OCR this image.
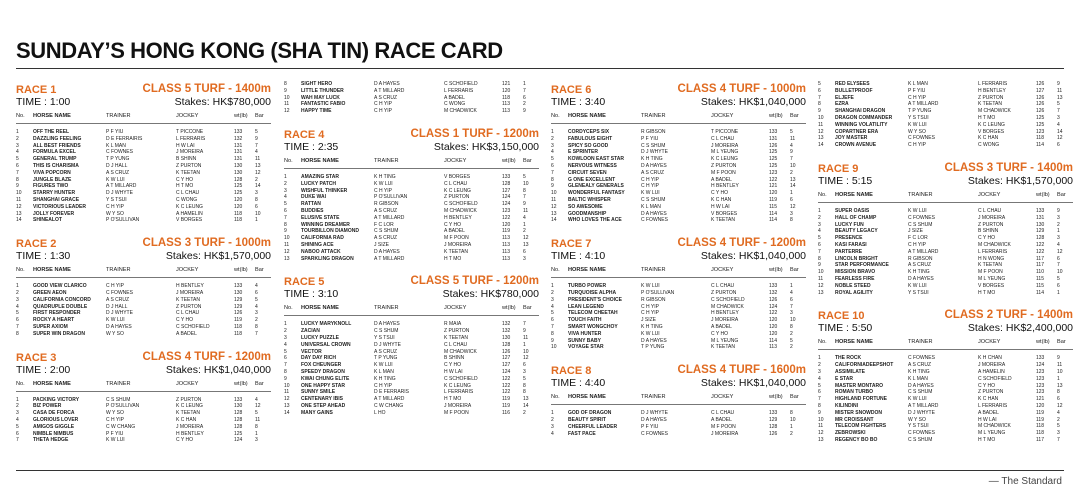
SUNDAY’S HONG KONG (SHA TIN) RACE CARD
RACE 1	CLASS 5 TURF - 1400m
TIME : 1:00	Stakes: HK$780,000
No. HORSE NAME	TRAINER	JOCKEY	wt(lb) Bar
1	OFF THE REEL	P F YIU	T PICCONE	133	5
2	DAZZLING FEELING	D E FERRAIRIS	L FERRARIS	132	9
3	ALL BEST FRIENDS	K L MAN	H W LAI	131	7
4	FORMULA EXCEL	C FOWNES	J MOREIRA	131	4
5	GENERAL TRUMP	T P YUNG	B SHINN	131	11
6	THIS IS CHARISMA	D J HALL	Z PURTON	130	13
7	VIVA POPCORN	A S CRUZ	K TEETAN	130	12
8	JUNGLE BLAZE	K W LUI	C Y HO	128	2
9	FIGURES TWO	A T MILLARD	H T MO	125	14
10	STARRY HUNTER	D J WHYTE	C L CHAU	125	3
11	SHANGHAI GRACE	Y S TSUI	C WONG	120	8
12	VICTORIOUS LEADER	C H YIP	K C LEUNG	120	6
13	JOLLY FOREVER	W Y SO	A HAMELIN	118	10
14	SHINEALOT	P O'SULLIVAN	V BORGES	118	1
RACE 2	CLASS 3 TURF - 1000m
TIME : 1:30	Stakes: HK$1,570,000
No. HORSE NAME	TRAINER	JOCKEY	wt(lb) Bar
1	GOOD VIEW CLARICO	C H YIP	H BENTLEY	133	4
2	GREEN AEON	C FOWNES	J MOREIRA	130	6
3	CALIFORNIA CONCORD	A S CRUZ	K TEETAN	129	5
4	QUADRUPLE DOUBLE	D J HALL	Z PURTON	129	4
5	FIRST RESPONDER	D J WHYTE	C L CHAU	126	3
6	ROCKY A HEART	K W LUI	C Y HO	119	2
7	SUPER AXIOM	D A HAYES	C SCHOFIELD	118	8
8	SUPER WIN DRAGON	W Y SO	A BADEL	118	7
RACE 3	CLASS 4 TURF - 1200m
TIME : 2:00	Stakes: HK$1,040,000
No. HORSE NAME	TRAINER	JOCKEY	wt(lb) Bar
1	PACKING VICTORY	C S SHUM	Z PURTON	133	4
2	BIZ POWER	P O'SULLIVAN	K C LEUNG	130	12
3	CASA DE FORCA	W Y SO	K TEETAN	128	5
4	GLORIOUS LOVER	C H YIP	K C HAN	128	11
5	AMIGOS GIGGLE	C W CHANG	J MOREIRA	128	8
6	NIMBLE NIMBUS	P F YIU	H BENTLEY	125	1
7	THETA HEDGE	K W LUI	C Y HO	124	3
8	SIGHT HERO	D A HAYES	C SCHOFIELD	121	1
9	LITTLE THUNDER	A T MILLARD	L FERRARIS	120	7
10	WAH MAY LUCK	A S CRUZ	A BADEL	118	6
11	FANTASTIC FABIO	C H YIP	C WONG	113	2
12	HAPPY TIME	C H YIP	M CHADWICK	113	9
RACE 4	CLASS 1 TURF - 1200m
TIME : 2:35	Stakes: HK$3,150,000
No. HORSE NAME	TRAINER	JOCKEY	wt(lb) Bar
1	AMAZING STAR	K H TING	V BORGES	133	5
2	LUCKY PATCH	K W LUI	C L CHAU	128	10
3	WISHFUL THINKER	C H YIP	K C LEUNG	127	8
4	DUKE WAI	P O'SULLIVAN	Z PURTON	124	7
5	RATTAN	R GIBSON	C SCHOFIELD	124	9
6	BUDDIES	A S CRUZ	M CHADWICK	123	11
7	ELUSIVE STATE	A T MILLARD	H BENTLEY	122	4
8	WINNING DREAMER	F C LOR	C Y HO	120	1
9	TOURBILLON DIAMOND	C S SHUM	A BADEL	119	2
10	CALIFORNIA RAD	A S CRUZ	M F POON	113	12
11	SHINING ACE	J SIZE	J MOREIRA	113	13
12	NABOO ATTACK	D A HAYES	K TEETAN	113	6
13	SPARKLING DRAGON	A T MILLARD	H T MO	113	3
RACE 5	CLASS 5 TURF - 1200m
TIME : 3:10	Stakes: HK$780,000
No. HORSE NAME	TRAINER	JOCKEY	wt(lb) Bar
1	LUCKY MARYKNOLL	D A HAYES	R MAIA	132	7
2	ZACIAN	C S SHUM	Z PURTON	132	9
3	LUCKY PUZZLE	Y S TSUI	K TEETAN	130	11
4	UNIVERSAL CROWN	D J WHYTE	C L CHAU	128	1
5	VECTOR	A S CRUZ	M CHADWICK	126	10
6	DAY DAY RICH	T P YUNG	B SHINN	127	12
7	FOX CHEUNGER	K W LUI	C Y HO	127	6
8	SPEEDY DRAGON	K L MAN	H W LAI	124	3
9	KWAI CHUNG ELITE	K H TING	C SCHOFIELD	122	5
10	ONE HAPPY STAR	C H YIP	K C LEUNG	122	8
11	SUNNY SMILE	D E FERRARIS	L FERRARIS	122	8
12	CENTENARY IBIS	A T MILLARD	H T MO	119	13
13	ONE STEP AHEAD	C W CHANG	J MOREIRA	119	14
14	MANY GAINS	L HO	M F POON	116	2
RACE 6	CLASS 4 TURF - 1000m
TIME : 3:40	Stakes: HK$1,040,000
No. HORSE NAME	TRAINER	JOCKEY	wt(lb) Bar
1	CORDYCEPS SIX	R GIBSON	T PICCONE	133	5
2	FABULOUS EIGHT	P F YIU	C L CHAU	131	11
3	SPICY SO GOOD	C S SHUM	J MOREIRA	126	4
4	E SPRINTER	D J WHYTE	M L YEUNG	125	9
5	KOWLOON EAST STAR	K H TING	K C LEUNG	125	7
6	NERVOUS WITNESS	D A HAYES	Z PURTON	125	10
7	CIRCUIT SEVEN	A S CRUZ	M F POON	123	2
8	G ONE EXCELLENT	C H YIP	A BADEL	122	13
9	GLENEALY GENERALS	C H YIP	H BENTLEY	121	14
10	WONDERFUL FANTASY	K W LUI	C Y HO	120	1
11	BALTIC WHISPER	C S SHUM	K C HAN	119	6
12	SO AWESOME	K L MAN	H W LAI	115	12
13	GOODMANSHIP	D A HAYES	V BORGES	114	3
14	WHO LOVES THE ACE	C FOWNES	K TEETAN	114	8
RACE 7	CLASS 4 TURF - 1200m
TIME : 4:10	Stakes: HK$1,040,000
No. HORSE NAME	TRAINER	JOCKEY	wt(lb) Bar
1	TURBO POWER	K W LUI	C L CHAU	133	1
2	TURQUOISE ALPHA	P O'SULLIVAN	Z PURTON	132	4
3	PRESIDENT'S CHOICE	R GIBSON	C SCHOFIELD	126	6
4	LEAN LEGEND	C H YIP	M CHADWICK	124	7
5	TELECOM CHEETAH	C H YIP	H BENTLEY	122	3
6	TOUCH FAITH	J SIZE	J MOREIRA	120	10
7	SMART WONGCHOY	K H TING	A BADEL	120	8
8	VIVA HUNTER	K W LUI	C Y HO	120	2
9	SUNNY BABY	D A HAYES	M L YEUNG	114	5
10	VOYAGE STAR	T P YUNG	K TEETAN	113	2
RACE 8	CLASS 4 TURF - 1600m
TIME : 4:40	Stakes: HK$1,040,000
No. HORSE NAME	TRAINER	JOCKEY	wt(lb) Bar
1	GOD OF DRAGON	D J WHYTE	C L CHAU	133	8
2	BEAUTY SPIRIT	D A HAYES	A BADEL	129	10
3	CHEERFUL LEADER	P F YIU	M F POON	128	1
4	FAST PACE	C FOWNES	J MOREIRA	126	2
5	RED ELYSEES	K L MAN	L FERRARIS	126	9
6	BULLETPROOF	P F YIU	H BENTLEY	127	11
7	ELJEFE	C H YIP	Z PURTON	126	13
8	EZRA	A T MILLARD	K TEETAN	126	5
9	SHANGHAI DRAGON	T P YUNG	M CHADWICK	126	7
10	DRAGON COMMANDER	Y S TSUI	H T MO	125	3
11	WINNING VOLATILITY	K W LUI	K C LEUNG	125	4
12	COPARTNER ERA	W Y SO	V BORGES	123	14
13	JOY MASTER	C FOWNES	K C HAN	118	12
14	CROWN AVENUE	C H YIP	C WONG	114	6
RACE 9	CLASS 3 TURF - 1400m
TIME : 5:15	Stakes: HK$1,570,000
No. HORSE NAME	TRAINER	JOCKEY	wt(lb) Bar
1	SUPER OASIS	K W LUI	C L CHAU	133	9
2	HALL OF CHAMP	C FOWNES	J MOREIRA	131	3
3	LUCKY FUN	C S SHUM	Z PURTON	130	2
4	BEAUTY LEGACY	J SIZE	B SHINN	129	1
5	PRESENCE	F C LOR	C Y HO	128	3
6	KASI FARASI	C H YIP	M CHADWICK	122	4
7	PARTERRE	A T MILLARD	L FERRARIS	122	12
8	LINCOLN BRIGHT	R GIBSON	H N WONG	117	6
9	STAR PERFORMANCE	A S CRUZ	K TEETAN	117	7
10	MISSION BRAVO	K H TING	M F POON	110	10
11	FEARLESS FIRE	D A HAYES	M L YEUNG	115	5
12	NOBLE STEED	K W LUI	V BORGES	115	6
13	ROYAL AGILITY	Y S TSUI	H T MO	114	1
RACE 10	CLASS 2 TURF - 1400m
TIME : 5:50	Stakes: HK$2,400,000
No. HORSE NAME	TRAINER	JOCKEY	wt(lb) Bar
1	THE ROCK	C FOWNES	K H CHAN	133	9
2	CALIFORNIADEEPSHOT	A S CRUZ	J MOREIRA	124	11
3	ASSIMILATE	K H TING	A HAMELIN	123	10
4	E STAR	K L MAN	C SCHOFIELD	123	1
5	MASTER MONTARO	D A HAYES	C Y HO	123	13
6	ROMAN TURBO	C S SHUM	Z PURTON	123	8
7	HIGHLAND FORTUNE	K W LUI	K C HAN	121	6
8	KILINDINI	A T MILLARD	L FERRARIS	120	12
9	MISTER SNOWDON	D J WHYTE	A BADEL	119	4
10	MR CROISSANT	W Y SO	H W LAI	119	2
11	TELECOM FIGHTERS	Y S TSUI	M CHADWICK	118	5
12	ZEBROWSKI	C FOWNES	M L YEUNG	118	3
13	REGENCY BO BO	C S SHUM	H T MO	117	7
— The Standard
